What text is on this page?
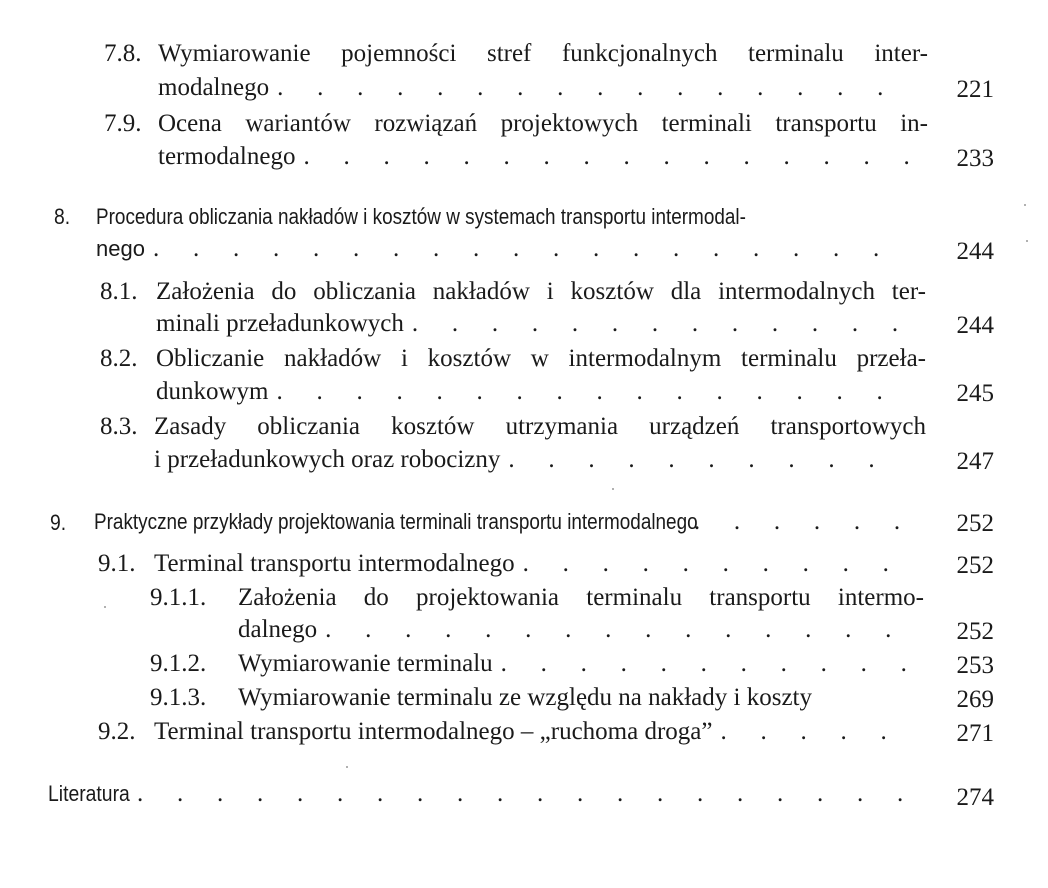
7.8. Wymiarowanie pojemności stref funkcjonalnych terminalu inter-
modalnego . . .	221
7.9. Ocena wariantów rozwiązań projektowych terminali transportu in-
termodalnego . . .	233
8. Procedura obliczania nakładów i kosztów w systemach transportu intermodal-
nego . . .	244
8.1. Założenia do obliczania nakładów i kosztów dla intermodalnych ter-
minali przeładunkowych . . .	244
8.2. Obliczanie nakładów i kosztów w intermodalnym terminalu przeła-
dunkowym . . .	245
8.3. Zasady obliczania kosztów utrzymania urządzeń transportowych
i przeładunkowych oraz robocizny . . .	247
9. Praktyczne przykłady projektowania terminali transportu intermodalnego . . .	252
9.1. Terminal transportu intermodalnego . . .	252
9.1.1. Założenia do projektowania terminalu transportu intermo-
dalnego . . .	252
9.1.2. Wymiarowanie terminalu . . .	253
9.1.3. Wymiarowanie terminalu ze względu na nakłady i koszty	269
9.2. Terminal transportu intermodalnego – „ruchoma droga” . . .	271
Literatura . . .	274
